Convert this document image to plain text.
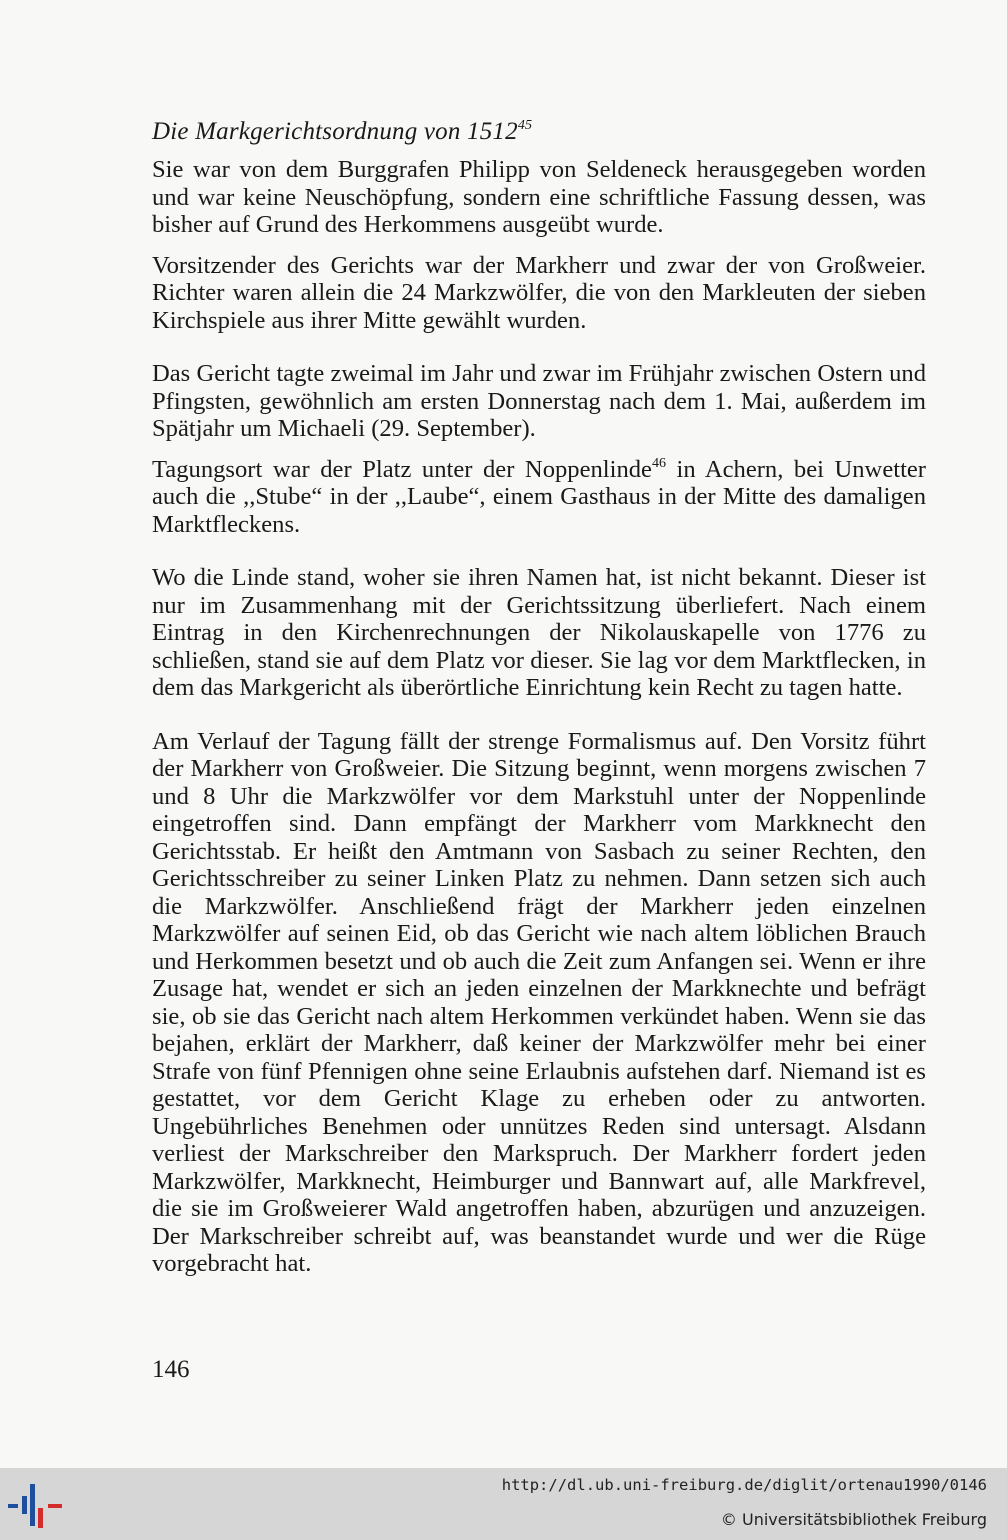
Die Markgerichtsordnung von 1512$^{45}$

Sie war von dem Burggrafen Philipp von Seldeneck herausgegeben worden und war keine Neuschöpfung, sondern eine schriftliche Fassung dessen, was bisher auf Grund des Herkommens ausgeübt wurde.

Vorsitzender des Gerichts war der Markherr und zwar der von Großweier. Richter waren allein die 24 Markzwölfer, die von den Markleuten der sieben Kirchspiele aus ihrer Mitte gewählt wurden.

Das Gericht tagte zweimal im Jahr und zwar im Frühjahr zwischen Ostern und Pfingsten, gewöhnlich am ersten Donnerstag nach dem 1. Mai, außerdem im Spätjahr um Michaeli (29. September).

Tagungsort war der Platz unter der Noppenlinde$^{46}$ in Achern, bei Unwetter auch die ,,Stube“ in der ,,Laube“, einem Gasthaus in der Mitte des damaligen Marktfleckens.

Wo die Linde stand, woher sie ihren Namen hat, ist nicht bekannt. Dieser ist nur im Zusammenhang mit der Gerichtssitzung überliefert. Nach einem Eintrag in den Kirchenrechnungen der Nikolauskapelle von 1776 zu schließen, stand sie auf dem Platz vor dieser. Sie lag vor dem Marktflecken, in dem das Markgericht als überörtliche Einrichtung kein Recht zu tagen hatte.

Am Verlauf der Tagung fällt der strenge Formalismus auf. Den Vorsitz führt der Markherr von Großweier. Die Sitzung beginnt, wenn morgens zwischen 7 und 8 Uhr die Markzwölfer vor dem Markstuhl unter der Noppenlinde eingetroffen sind. Dann empfängt der Markherr vom Markknecht den Gerichtsstab. Er heißt den Amtmann von Sasbach zu seiner Rechten, den Gerichtsschreiber zu seiner Linken Platz zu nehmen. Dann setzen sich auch die Markzwölfer. Anschließend frägt der Markherr jeden einzelnen Markzwölfer auf seinen Eid, ob das Gericht wie nach altem löblichen Brauch und Herkommen besetzt und ob auch die Zeit zum Anfangen sei. Wenn er ihre Zusage hat, wendet er sich an jeden einzelnen der Markknechte und befrägt sie, ob sie das Gericht nach altem Herkommen verkündet haben. Wenn sie das bejahen, erklärt der Markherr, daß keiner der Markzwölfer mehr bei einer Strafe von fünf Pfennigen ohne seine Erlaubnis aufstehen darf. Niemand ist es gestattet, vor dem Gericht Klage zu erheben oder zu antworten. Ungebührliches Benehmen oder unnützes Reden sind untersagt. Alsdann verliest der Markschreiber den Markspruch. Der Markherr fordert jeden Markzwölfer, Markknecht, Heimburger und Bannwart auf, alle Markfrevel, die sie im Großweierer Wald angetroffen haben, abzurügen und anzuzeigen. Der Markschreiber schreibt auf, was beanstandet wurde und wer die Rüge vorgebracht hat.

146
http://dl.ub.uni-freiburg.de/diglit/ortenau1990/0146
© Universitätsbibliothek Freiburg
